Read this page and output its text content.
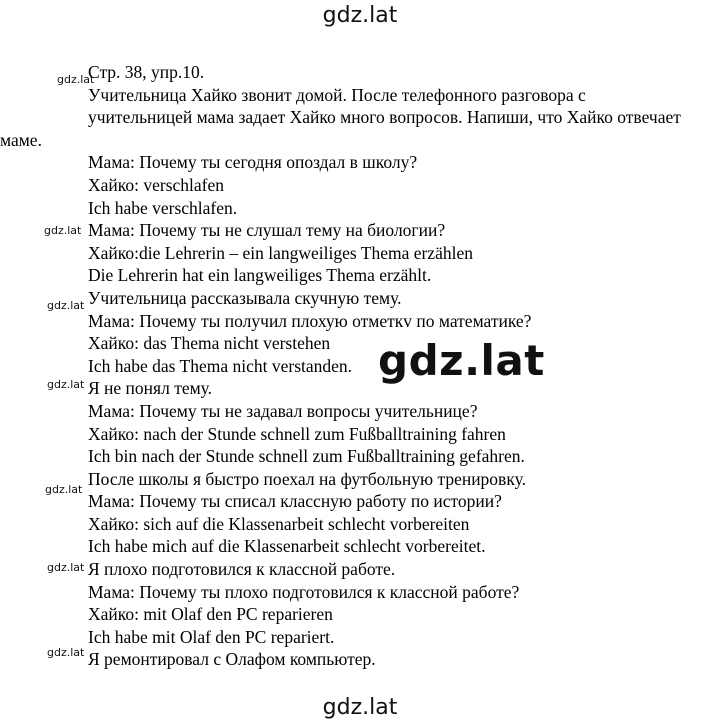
gdz.lat
Стр. 38, упр.10.
Учительница Хайко звонит домой. После телефонного разговора с
учительницей мама задает Хайко много вопросов. Напиши, что Хайко отвечает
маме.
Мама: Почему ты сегодня опоздал в школу?
Хайко: verschlafen
Ich habe verschlafen.
Мама: Почему ты не слушал тему на биологии?
Хайко:die Lehrerin – ein langweiliges Thema erzählen
Die Lehrerin hat ein langweiliges Thema erzählt.
Учительница рассказывала скучную тему.
Мама: Почему ты получил плохую отметкv по математике?
Хайко: das Thema nicht verstehen
Ich habe das Thema nicht verstanden.
Я не понял тему.
Мама: Почему ты не задавал вопросы учительнице?
Хайко: nach der Stunde schnell zum Fußballtraining fahren
Ich bin nach der Stunde schnell zum Fußballtraining gefahren.
После школы я быстро поехал на футбольную тренировку.
Мама: Почему ты списал классную работу по истории?
Хайко: sich auf die Klassenarbeit schlecht vorbereiten
Ich habe mich auf die Klassenarbeit schlecht vorbereitet.
Я плохо подготовился к классной работе.
Мама: Почему ты плохо подготовился к классной работе?
Хайко: mit Olaf den PC reparieren
Ich habe mit Olaf den PC repariert.
Я ремонтировал с Олафом компьютер.
gdz.lat
gdz.lat
gdz.lat
gdz.lat
gdz.lat
gdz.lat
gdz.lat
gdz.lat
gdz.lat
